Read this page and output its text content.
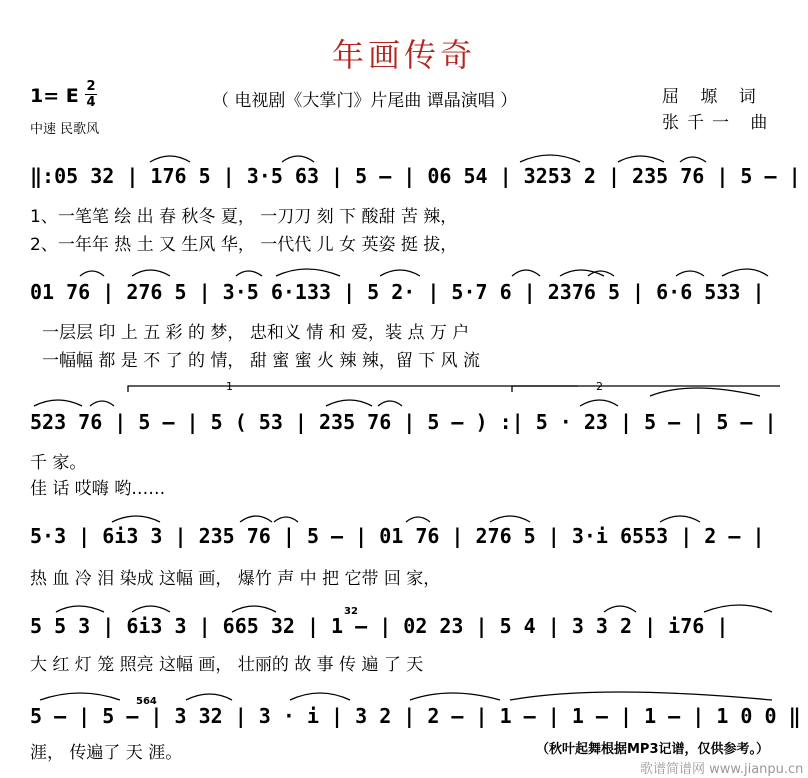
年画传奇
1= E 2
4	（ 电视剧《大掌门》片尾曲 谭晶演唱 ）
中速 民歌风
屈 塬 词
张千一 曲
1	2
‖:05 32 | 176 5 | 3·5 63 | 5 – | 06 54 | 3253 2 | 235 76 | 5 – |
1、一笔笔 绘 出 春 秋冬 夏， 一刀刀 刻 下 酸甜 苦 辣，
2、一年年 热 土 又 生风 华， 一代代 儿 女 英姿 挺 拔，
01 76 | 276 5 | 3·5 6·133 | 5 2· | 5·7 6 | 2376 5 | 6·6 533 |
一层层 印 上 五 彩 的 梦， 忠和义 情 和 爱，装 点 万 户
一幅幅 都 是 不 了 的 情， 甜 蜜 蜜 火 辣 辣，留 下 风 流
523 76 | 5 – | 5 ( 53 | 235 76 | 5 – ) :| 5 · 23 | 5 – | 5 – |
千 家。
佳 话 哎嗨 哟……
5·3 | 6i3 3 | 235 76 | 5 – | 01 76 | 276 5 | 3·i 6553 | 2 – |
热 血 冷 泪 染成 这幅 画， 爆竹 声 中 把 它带 回 家，
32
5 5 3 | 6i3 3 | 665 32 | 1 – | 02 23 | 5 4 | 3 3 2 | i76 |
大 红 灯 笼 照亮 这幅 画， 壮丽的 故 事 传 遍 了 天
564
5 – | 5 – | 3 32 | 3 · i | 3 2 | 2 – | 1 – | 1 – | 1 – | 1 0 0 ‖
涯， 传遍了 天 涯。	（秋叶起舞根据MP3记谱，仅供参考。）
歌谱简谱网 www.jianpu.cn
